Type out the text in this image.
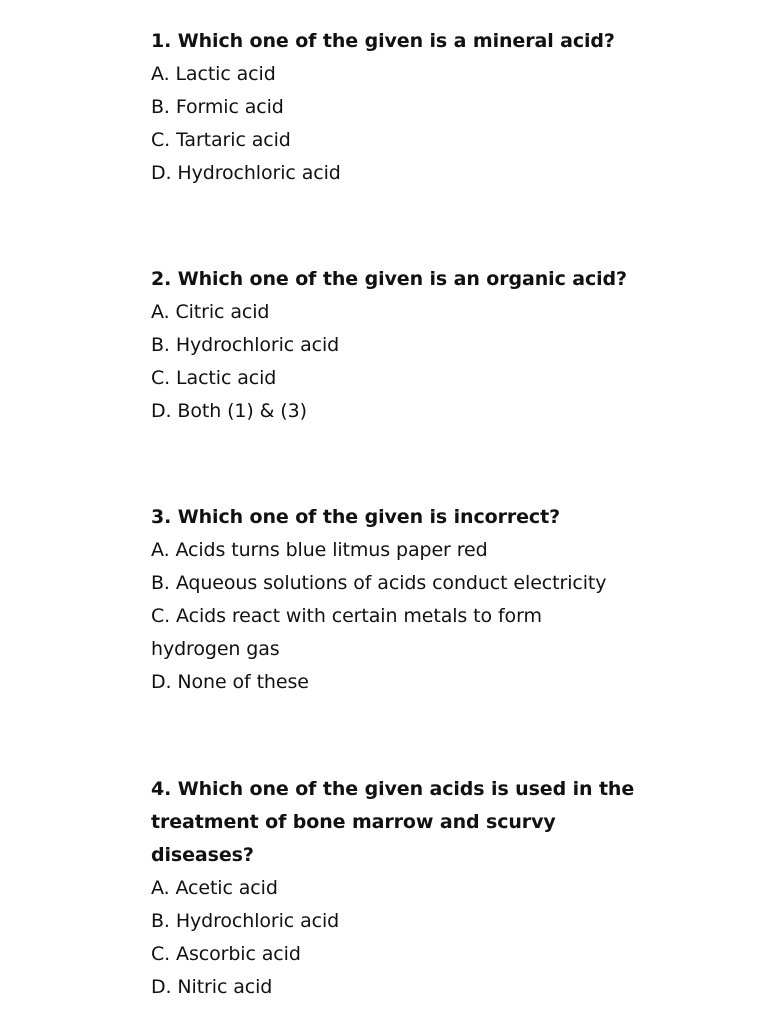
1. Which one of the given is a mineral acid?

A. Lactic acid

B. Formic acid

C. Tartaric acid

D. Hydrochloric acid

2. Which one of the given is an organic acid?

A. Citric acid

B. Hydrochloric acid

C. Lactic acid

D. Both (1) & (3)

3. Which one of the given is incorrect?

A. Acids turns blue litmus paper red

B. Aqueous solutions of acids conduct electricity

C. Acids react with certain metals to form

hydrogen gas

D. None of these

4. Which one of the given acids is used in the

treatment of bone marrow and scurvy

diseases?

A. Acetic acid

B. Hydrochloric acid

C. Ascorbic acid

D. Nitric acid
